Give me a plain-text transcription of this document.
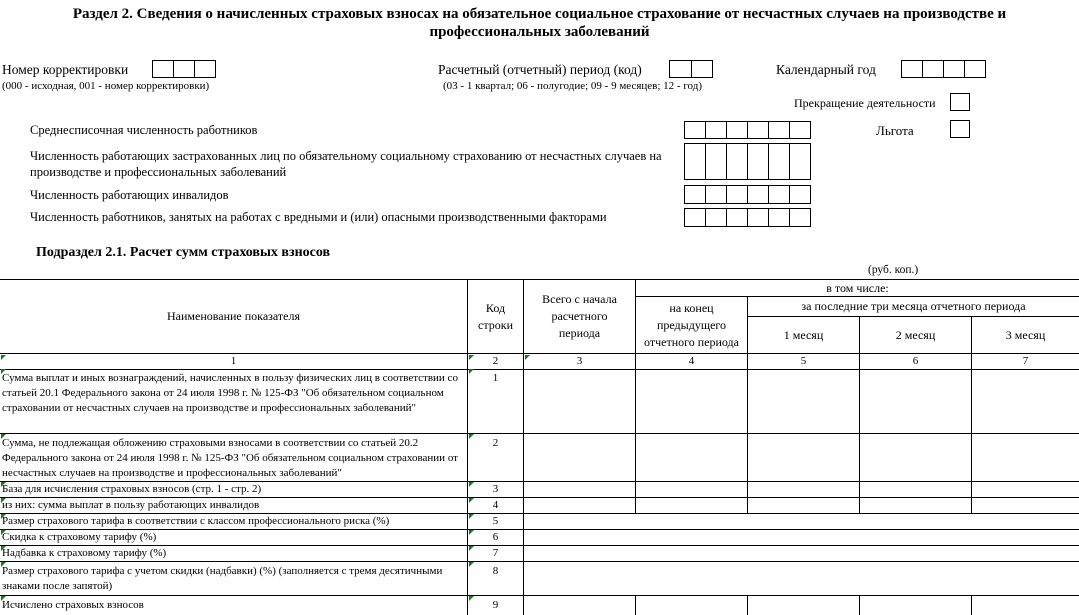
Раздел 2. Сведения о начисленных страховых взносах на обязательное социальное страхование от несчастных случаев на производстве и профессиональных заболеваний
Номер корректировки
(000 - исходная, 001 - номер корректировки)
Расчетный (отчетный) период (код)
(03 - 1 квартал; 06 - полугодие; 09 - 9 месяцев; 12 - год)
Календарный год
Прекращение деятельности
Среднесписочная численность работников	Льгота
Численность работающих застрахованных лиц по обязательному социальному страхованию от несчастных случаев на производстве и профессиональных заболеваний
Численность работающих инвалидов
Численность работников, занятых на работах с вредными и (или) опасными производственными факторами
Подраздел 2.1. Расчет сумм страховых взносов
(руб. коп.)
Наименование показателя
Код строки
Всего с начала расчетного периода
в том числе:
на конец предыдущего отчетного периода
за последние три месяца отчетного периода
1 месяц	2 месяц	3 месяц
1	2	3	4	5	6	7
Сумма выплат и иных вознаграждений, начисленных в пользу физических лиц в соответствии со статьей 20.1 Федерального закона от 24 июля 1998 г. № 125-ФЗ "Об обязательном социальном страховании от несчастных случаев на производстве и профессиональных заболеваний"
1
Сумма, не подлежащая обложению страховыми взносами в соответствии со статьей 20.2 Федерального закона от 24 июля 1998 г. № 125-ФЗ "Об обязательном социальном страховании от несчастных случаев на производстве и профессиональных заболеваний"
2
База для исчисления страховых взносов (стр. 1 - стр. 2)	3
из них: сумма выплат в пользу работающих инвалидов	4
Размер страхового тарифа в соответствии с классом профессионального риска (%)	5
Скидка к страховому тарифу (%)	6
Надбавка к страховому тарифу (%)	7
Размер страхового тарифа с учетом скидки (надбавки) (%) (заполняется с тремя десятичными знаками после запятой)
8
Исчислено страховых взносов	9
